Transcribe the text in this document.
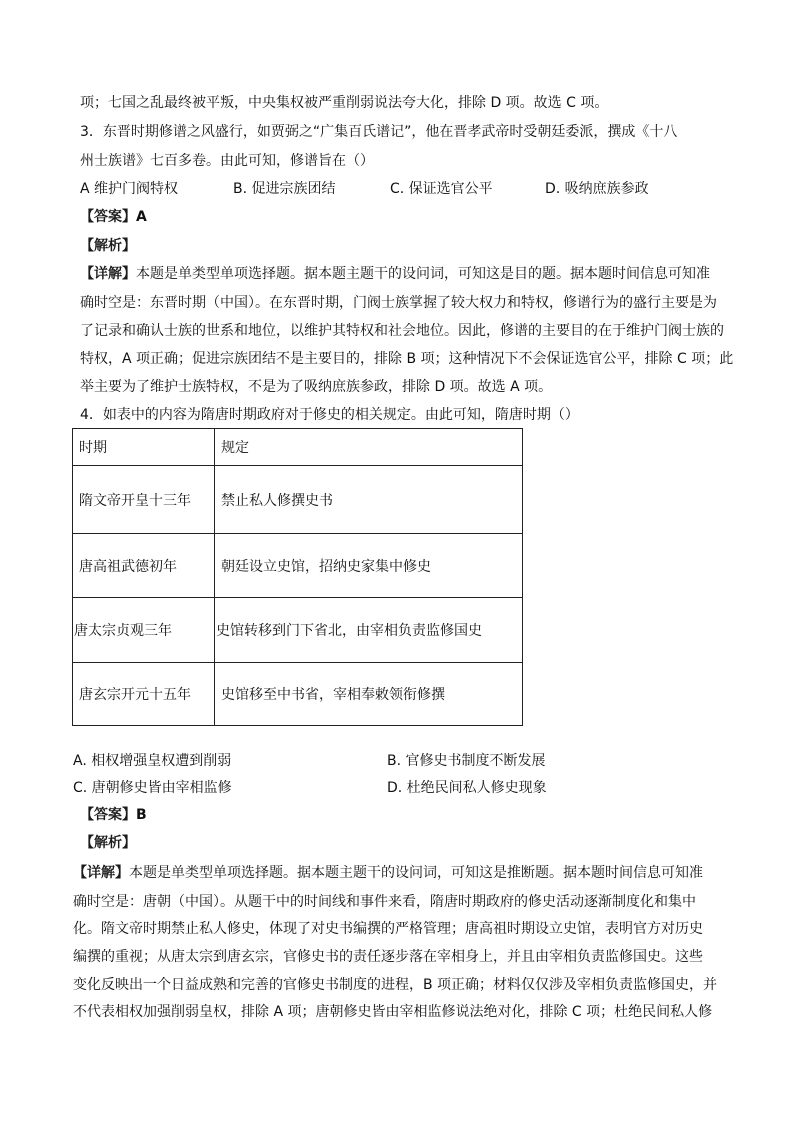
项；七国之乱最终被平叛，中央集权被严重削弱说法夸大化，排除 D 项。故选 C 项。
3．东晋时期修谱之风盛行，如贾弼之“广集百氏谱记”，他在晋孝武帝时受朝廷委派，撰成《十八
州士族谱》七百多卷。由此可知，修谱旨在（）
A 维护门阀特权	B. 促进宗族团结	C. 保证选官公平	D. 吸纳庶族参政
【答案】A
【解析】
【详解】本题是单类型单项选择题。据本题主题干的设问词，可知这是目的题。据本题时间信息可知准
确时空是：东晋时期（中国）。在东晋时期，门阀士族掌握了较大权力和特权，修谱行为的盛行主要是为
了记录和确认士族的世系和地位，以维护其特权和社会地位。因此，修谱的主要目的在于维护门阀士族的
特权，A 项正确；促进宗族团结不是主要目的，排除 B 项；这种情况下不会保证选官公平，排除 C 项；此
举主要为了维护士族特权，不是为了吸纳庶族参政，排除 D 项。故选 A 项。
4．如表中的内容为隋唐时期政府对于修史的相关规定。由此可知，隋唐时期（）
时期	规定
隋文帝开皇十三年	禁止私人修撰史书
唐高祖武德初年	朝廷设立史馆，招纳史家集中修史
唐太宗贞观三年	史馆转移到门下省北，由宰相负责监修国史
唐玄宗开元十五年	史馆移至中书省，宰相奉敕领衔修撰
A. 相权增强皇权遭到削弱	B. 官修史书制度不断发展
C. 唐朝修史皆由宰相监修	D. 杜绝民间私人修史现象
【答案】B
【解析】
【详解】本题是单类型单项选择题。据本题主题干的设问词，可知这是推断题。据本题时间信息可知准
确时空是：唐朝（中国）。从题干中的时间线和事件来看，隋唐时期政府的修史活动逐渐制度化和集中
化。隋文帝时期禁止私人修史，体现了对史书编撰的严格管理；唐高祖时期设立史馆，表明官方对历史
编撰的重视；从唐太宗到唐玄宗，官修史书的责任逐步落在宰相身上，并且由宰相负责监修国史。这些
变化反映出一个日益成熟和完善的官修史书制度的进程，B 项正确；材料仅仅涉及宰相负责监修国史，并
不代表相权加强削弱皇权，排除 A 项；唐朝修史皆由宰相监修说法绝对化，排除 C 项；杜绝民间私人修
